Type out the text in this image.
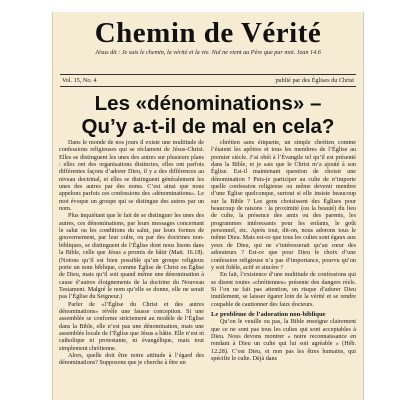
Chemin de Vérité
Jésus dit : Je suis le chemin, la vérité et la vie. Nul ne vient au Père que par moi. Jean 14.6
Vol. 15, No. 4	publié par des Églises du Christ
Les «dénominations» –
Qu’y a-t-il de mal en cela?

Dans le monde de nos jours il existe une multitude de confessions religieuses qui se réclament de Jésus-Christ. Elles se distinguent les unes des autres sur plusieurs plans : elles ont des organisations distinctes, elles ont parfois différentes façons d’adorer Dieu, il y a des différences au niveau doctrinal, et elles se distinguent généralement les unes des autres par des noms. C’est ainsi que nous appelons parfois ces confessions des «dénominations». Le mot évoque un groupe qui se distingue des autres par un nom.

Plus inquiétant que le fait de se distinguer les unes des autres, ces dénominations, par leurs messages concernant le salut ou les conditions du salut, par leurs formes de gouvernement, par leur culte, ou par des doctrines non-bibliques, se distinguent de l’Église dont nous lisons dans la Bible, celle que Jésus a promis de bâtir (Matt. 16.18). (Notons qu’il est bien possible qu’un groupe religieux porte un nom biblique, comme Église de Christ ou Église de Dieu, mais qu’il soit quand même une dénomination à cause d’autres éloignements de la doctrine du Nouveau Testament. Malgré le nom qu’elle se donne, elle ne serait pas l’Église du Seigneur.)

Parler de «l’Église du Christ et des autres dénominations» révèle une fausse conception. Si une assemblée se conforme strictement au modèle de l’Église dans la Bible, elle n’est pas une dénomination, mais une assemblée locale de l’Église que Jésus a bâtie. Elle n’est ni catholique ni protestante, ni évangélique, mais tout simplement chrétienne.

Alors, quelle doit être notre attitude à l’égard des dénominations? Supposons que je cherche à être un

chrétien sans étiquette, un simple chrétien comme l’étaient les apôtres et tous les membres de l’Église au premier siècle. J’ai obéi à l’Évangile tel qu’il est présenté dans la Bible, et je sais que le Christ m’a ajouté à son Église. Est-il maintenant question de choisir une dénomination ? Puis-je participer au culte de n’importe quelle confession religieuse ou même devenir membre d’une Église quelconque, surtout si elle insiste beaucoup sur la Bible ? Les gens choisissent des Églises pour beaucoup de raisons : la proximité (ou la beauté) du lieu de culte, la présence des amis ou des parents, les programmes intéressants pour les enfants, le goût personnel, etc. Après tout, dit-on, nous adorons tous le même Dieu. Mais est-ce que tous les cultes sont égaux aux yeux de Dieu, qui ne s’intéresserait qu’au cœur des adorateurs ? Est-ce que pour Dieu le choix d’une confession religieuse n’a pas d’importance, pourvu qu’on y soit fidèle, actif et sincère ?

En fait, l’existence d’une multitude de confessions qui se disent toutes «chrétiennes» présente des dangers réels. Si l’on ne fait pas attention, on risque d’adorer Dieu inutilement, se laisser égarer loin de la vérité et se rendre coupable de cautionner des faux docteurs.

Le problème de l’adoration non-biblique

Qu’on le veuille ou pas, la Bible enseigne clairement que ce ne sont pas tous les cultes qui sont acceptables à Dieu. Nous devons montrer « notre reconnaissance en rendant à Dieu un culte qui lui soit agréable » (Héb. 12.28). C’est Dieu, et non pas les êtres humains, qui spécifie le culte. Déjà dans
